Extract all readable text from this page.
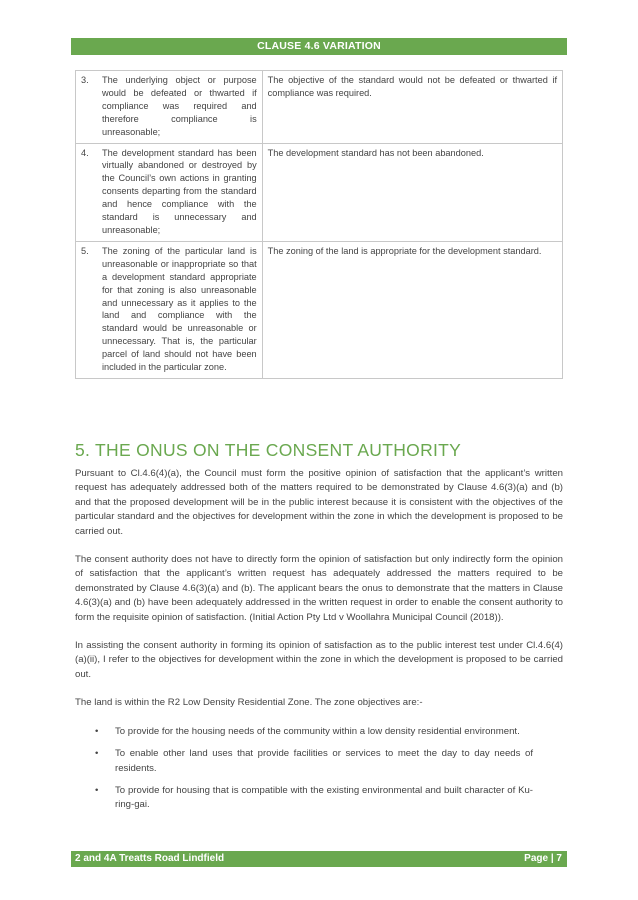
CLAUSE 4.6 VARIATION
3. The underlying object or purpose would be defeated or thwarted if compliance was required and therefore compliance is unreasonable;	The objective of the standard would not be defeated or thwarted if compliance was required.

4. The development standard has been virtually abandoned or destroyed by the Council’s own actions in granting consents departing from the standard and hence compliance with the standard is unnecessary and unreasonable;	The development standard has not been abandoned.

5. The zoning of the particular land is unreasonable or inappropriate so that a development standard appropriate for that zoning is also unreasonable and unnecessary as it applies to the land and compliance with the standard would be unreasonable or unnecessary. That is, the particular parcel of land should not have been included in the particular zone.	The zoning of the land is appropriate for the development standard.
5. THE ONUS ON THE CONSENT AUTHORITY

Pursuant to Cl.4.6(4)(a), the Council must form the positive opinion of satisfaction that the applicant’s written request has adequately addressed both of the matters required to be demonstrated by Clause 4.6(3)(a) and (b) and that the proposed development will be in the public interest because it is consistent with the objectives of the particular standard and the objectives for development within the zone in which the development is proposed to be carried out.

The consent authority does not have to directly form the opinion of satisfaction but only indirectly form the opinion of satisfaction that the applicant’s written request has adequately addressed the matters required to be demonstrated by Clause 4.6(3)(a) and (b). The applicant bears the onus to demonstrate that the matters in Clause 4.6(3)(a) and (b) have been adequately addressed in the written request in order to enable the consent authority to form the requisite opinion of satisfaction. (Initial Action Pty Ltd v Woollahra Municipal Council (2018)).

In assisting the consent authority in forming its opinion of satisfaction as to the public interest test under Cl.4.6(4)(a)(ii), I refer to the objectives for development within the zone in which the development is proposed to be carried out.

The land is within the R2 Low Density Residential Zone. The zone objectives are:-

•	To provide for the housing needs of the community within a low density residential environment.
•	To enable other land uses that provide facilities or services to meet the day to day needs of residents.
•	To provide for housing that is compatible with the existing environmental and built character of Ku-ring-gai.
2 and 4A Treatts Road Lindfield	Page | 7
